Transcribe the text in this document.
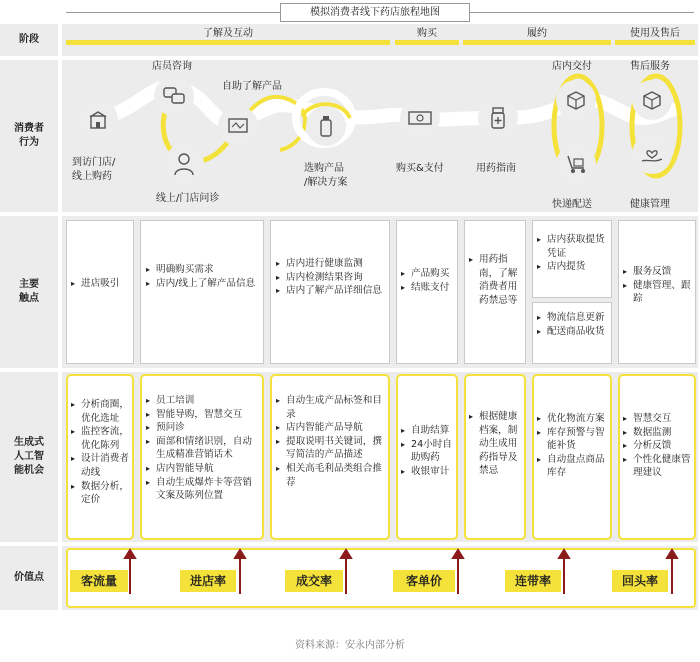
模拟消费者线下药店旅程地图
阶段
消费者
行为
主要
触点
生成式
人工智
能机会
价值点
了解及互动	购买	履约	使用及售后
到访门店/
线上购药
店员咨询
自助了解产品
线上/门店问诊
选购产品
/解决方案
购买&支付	用药指南
店内交付
快递配送
售后服务
健康管理
▸ 进店吸引
▸ 明确购买需求
▸ 店内/线上了解产品信息
▸ 店内进行健康监测
▸ 店内检测结果咨询
▸ 店内了解产品详细信息
▸ 产品购买
▸ 结账支付
▸ 用药指南，了解消费者用药禁忌等
▸ 店内获取提货凭证
▸ 店内提货
▸ 物流信息更新
▸ 配送商品收货
▸ 服务反馈
▸ 健康管理、跟踪
▸ 分析商圈，优化选址
▸ 监控客流，优化陈列
▸ 设计消费者动线
▸ 数据分析，定价
▸ 员工培训
▸ 智能导购，智慧交互
▸ 预问诊
▸ 面部和情绪识别，自动生成精准营销话术
▸ 店内智能导航
▸ 自动生成爆炸卡等营销文案及陈列位置
▸ 自动生成产品标签和目录
▸ 店内智能产品导航
▸ 提取说明书关键词，撰写简洁的产品描述
▸ 相关高毛利品类组合推荐
▸ 自助结算
▸ 24小时自助购药
▸ 收银审计
▸ 根据健康档案，制动生成用药指导及禁忌
▸ 优化物流方案
▸ 库存预警与智能补货
▸ 自动盘点商品库存
▸ 智慧交互
▸ 数据监测
▸ 分析反馈
▸ 个性化健康管理建议
客流量	进店率	成交率	客单价	连带率	回头率
资料来源：安永内部分析
